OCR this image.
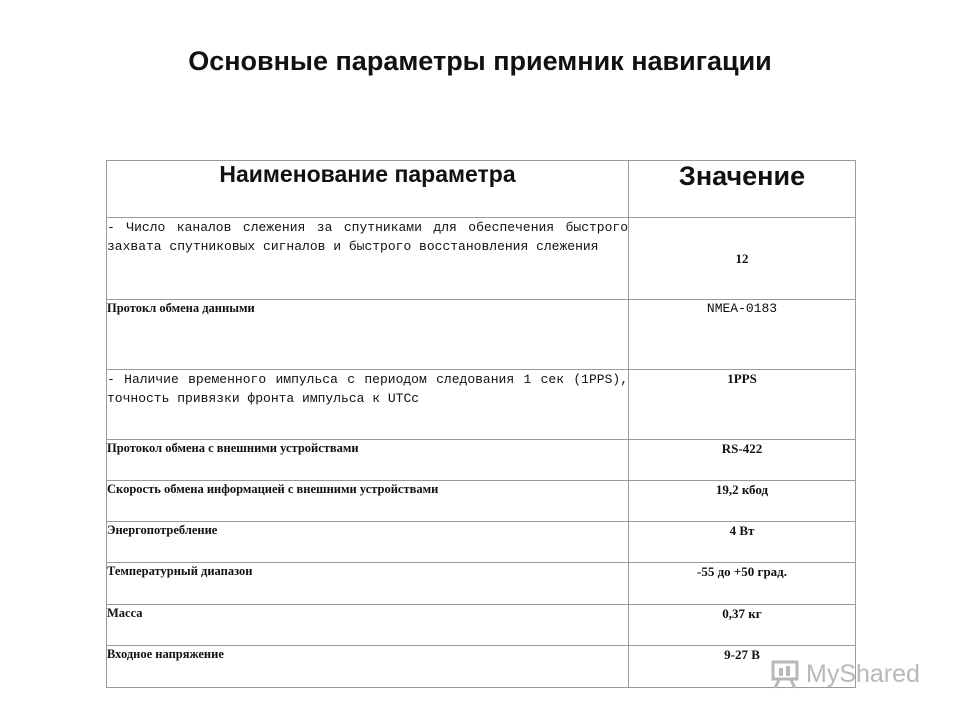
Основные параметры приемник навигации
Наименование параметра	Значение
- Число каналов слежения за спутниками для обеспечения быстрого захвата спутниковых сигналов и быстрого восстановления слежения	12
Протокл обмена данными	NMEA-0183
- Наличие временного импульса с периодом следования 1 сек (1PPS), точность привязки фронта импульса к UTCc	1PPS
Протокол обмена с внешними устройствами	RS-422
Скорость обмена информацией с внешними устройствами	19,2 кбод
Энергопотребление	4 Вт
Температурный диапазон	-55 до +50 град.
Масса	0,37 кг
Входное напряжение	9-27 В
MyShared
